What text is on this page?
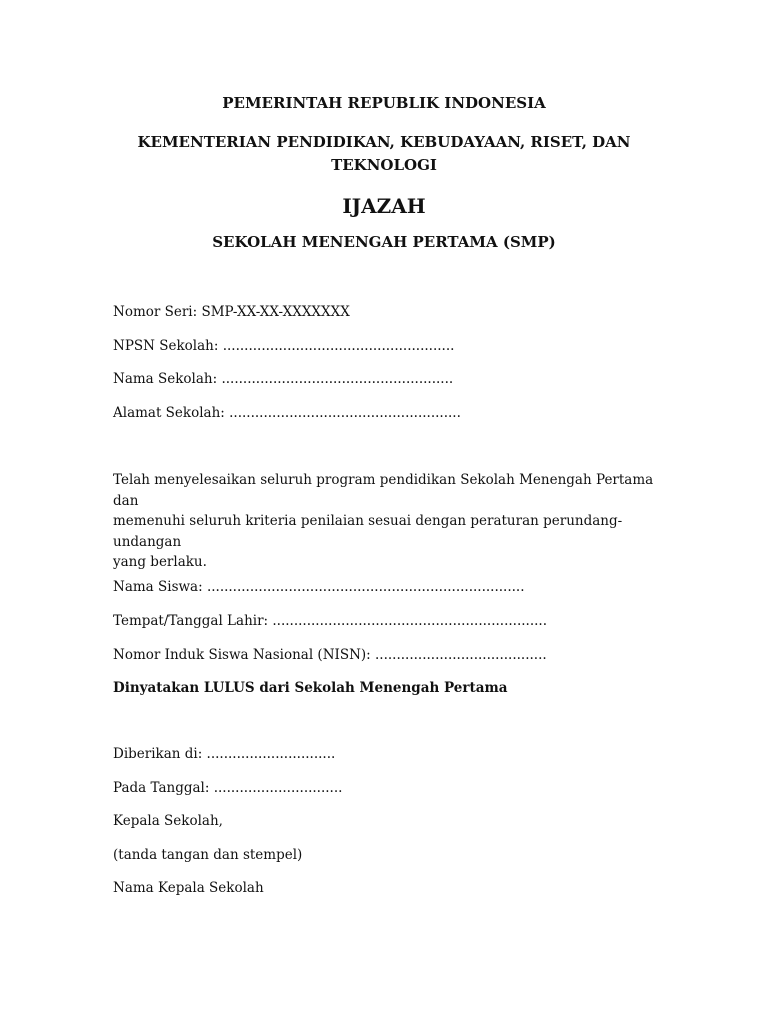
PEMERINTAH REPUBLIK INDONESIA
KEMENTERIAN PENDIDIKAN, KEBUDAYAAN, RISET, DAN
TEKNOLOGI
IJAZAH
SEKOLAH MENENGAH PERTAMA (SMP)
Nomor Seri: SMP-XX-XX-XXXXXXX
NPSN Sekolah: ......................................................
Nama Sekolah: ......................................................
Alamat Sekolah: ......................................................
Telah menyelesaikan seluruh program pendidikan Sekolah Menengah Pertama dan
memenuhi seluruh kriteria penilaian sesuai dengan peraturan perundang-undangan
yang berlaku.
Nama Siswa: ..........................................................................
Tempat/Tanggal Lahir: ................................................................
Nomor Induk Siswa Nasional (NISN): ........................................
Dinyatakan LULUS dari Sekolah Menengah Pertama
Diberikan di: ..............................
Pada Tanggal: ..............................
Kepala Sekolah,
(tanda tangan dan stempel)
Nama Kepala Sekolah
